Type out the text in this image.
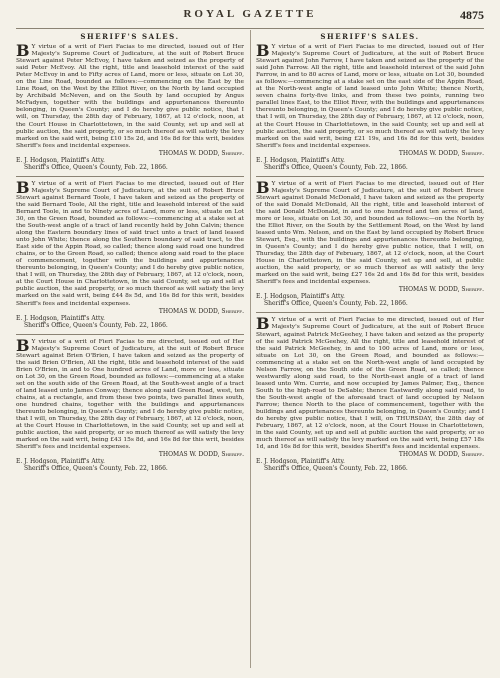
ROYAL GAZETTE	4875
SHERIFF'S SALES.
B Y virtue of a writ of Fieri Facias to me directed, issued out of Her Majesty's Supreme Court of Judicature, at the suit of Robert Bruce Stewart against Peter McEvoy, I have taken and seized as the property of said Peter McEvoy. All the right, title and leasehold interest of the said Peter McEvoy in and to Fifty acres of Land, more or less, situate on Lot 30, on the Line Road, bounded as follows:—commencing on the East by the Line Road, on the West by the Elliot River, on the North by land occupied by Archibald McNeven, and on the South by land occupied by Angus McFadyen, together with the buildings and appurtenances thereunto belonging, in Queen's County; and I do hereby give public notice, that I will, on Thursday, the 28th day of February, 1867, at 12 o'clock, noon, at the Court House in Charlottetown, in the said County, set up and sell at public auction, the said property, or so much thereof as will satisfy the levy marked on the said writ, being £10 15s 2d, and 16s 8d for this writ, besides Sheriff's fees and incidental expenses.
THOMAS W. DODD, Sheriff.
E. J. Hodgson, Plaintiff's Atty.
Sheriff's Office, Queen's County, Feb. 22, 1866.
B Y virtue of a writ of Fieri Facias to me directed, issued out of Her Majesty's Supreme Court of Judicature, at the suit of Robert Bruce Stewart against Bernard Toole, I have taken and seized as the property of the said Bernard Toole, All the right, title and leasehold interest of the said Bernard Toole, in and to Ninety acres of Land, more or less, situate on Lot 30, on the Green Road, bounded as follows:—commencing at a stake set at the South-west angle of a tract of land recently held by John Calvin; thence along the Eastern boundary lines of said tract unto a tract of land leased unto John White; thence along the Southern boundary of said tract, to the East side of the Appin Road, so called; thence along said road one hundred chains, or to the Green Road, so called; thence along said road to the place of commencement, together with the buildings and appurtenances thereunto belonging, in Queen's County; and I do hereby give public notice, that I will, on Thursday, the 28th day of February, 1867, at 12 o'clock, noon, at the Court House in Charlottetown, in the said County, set up and sell at public auction, the said property, or so much thereof as will satisfy the levy marked on the said writ, being £44 8s 5d, and 16s 8d for this writ, besides Sheriff's fees and incidental expenses.
THOMAS W. DODD, Sheriff.
E. J. Hodgson, Plaintiff's Atty.
Sheriff's Office, Queen's County, Feb. 22, 1866.
B Y virtue of a writ of Fieri Facias to me directed, issued out of Her Majesty's Supreme Court of Judicature, at the suit of Robert Bruce Stewart against Brien O'Brien, I have taken and seized as the property of the said Brien O'Brien, All the right, title and leasehold interest of the said Brien O'Brien, in and to One hundred acres of Land, more or less, situate on Lot 30, on the Green Road, bounded as follows:—commencing at a stake set on the south side of the Green Road, at the South-west angle of a tract of land leased unto James Conway; thence along said Green Road, west, ten chains, at a rectangle, and from these two points, two parallel lines south, one hundred chains, together with the buildings and appurtenances thereunto belonging, in Queen's County; and I do hereby give public notice, that I will, on Thursday, the 28th day of February, 1867, at 12 o'clock, noon, at the Court House in Charlottetown, in the said County, set up and sell at public auction, the said property, or so much thereof as will satisfy the levy marked on the said writ, being £43 15s 8d, and 16s 8d for this writ, besides Sheriff's fees and incidental expenses.
THOMAS W. DODD, Sheriff.
E. J. Hodgson, Plaintiff's Atty.
Sheriff's Office, Queen's County, Feb. 22, 1866.
SHERIFF'S SALES.
B Y virtue of a writ of Fieri Facias to me directed, issued out of Her Majesty's Supreme Court of Judicature, at the suit of Robert Bruce Stewart against John Farrow, I have taken and seized as the property of the said John Farrow. All the right, title and leasehold interest of the said John Farrow, in and to 80 acres of Land, more or less, situate on Lot 30, bounded as follows:—commencing at a stake set on the east side of the Appin Road, at the North-west angle of land leased unto John White; thence North, seven chains forty-five links, and from these two points, running two parallel lines East, to the Elliot River, with the buildings and appurtenances thereunto belonging, in Queen's County; and I do hereby give public notice, that I will, on Thursday, the 28th day of February, 1867, at 12 o'clock, noon, at the Court House in Charlottetown, in the said County, set up and sell at public auction, the said property, or so much thereof as will satisfy the levy marked on the said writ, being £21 19s, and 16s 8d for this writ, besides Sheriff's fees and incidental expenses.
THOMAS W. DODD, Sheriff.
E. J. Hodgson, Plaintiff's Atty.
Sheriff's Office, Queen's County, Feb. 22, 1866.
B Y virtue of a writ of Fieri Facias to me directed, issued out of Her Majesty's Supreme Court of Judicature, at the suit of Robert Bruce Stewart against Donald McDonald, I have taken and seized as the property of the said Donald McDonald, All the right, title and leasehold interest of the said Donald McDonald, in and to one hundred and ten acres of land, more or less, situate on Lot 30, and bounded as follows:—on the North by the Elliot River, on the South by the Settlement Road, on the West by land leased unto Wm. Nelson, and on the East by land occupied by Robert Bruce Stewart, Esq., with the buildings and appurtenances thereunto belonging, in Queen's County; and I do hereby give public notice, that I will, on Thursday, the 28th day of February, 1867, at 12 o'clock, noon, at the Court House in Charlottetown, in the said County, set up and sell, at public auction, the said property, or so much thereof as will satisfy the levy marked on the said writ, being £27 16s 2d and 16s 8d for this writ, besides Sheriff's fees and incidental expenses.
THOMAS W. DODD, Sheriff.
E. J. Hodgson, Plaintiff's Atty.
Sheriff's Office, Queen's County, Feb. 22, 1866.
B Y virtue of a writ of Fieri Facias to me directed, issued out of Her Majesty's Supreme Court of Judicature, at the suit of Robert Bruce Stewart, against Patrick McGeehey, I have taken and seized as the property of the said Patrick McGeehey, All the right, title and leasehold interest of the said Patrick McGeehey, in and to 100 acres of Land, more or less, situate on Lot 30, on the Green Road, and bounded as follows:—commencing at a stake set on the North-west angle of land occupied by Nelson Farrow, on the South side of the Green Road, so called; thence westwardly along said road, to the North-east angle of a tract of land leased unto Wm. Currie, and now occupied by James Palmer, Esq., thence South to the high-road to DeSable; thence Eastwardly along said road, to the South-west angle of the aforesaid tract of land occupied by Nelson Farrow; thence North to the place of commencement, together with the buildings and appurtenances thereunto belonging, in Queen's County; and I do hereby give public notice, that I will, on THURSDAY, the 28th day of February, 1867, at 12 o'clock, noon, at the Court House in Charlottetown, in the said County, set up and sell at public auction the said property, or so much thereof as will satisfy the levy marked on the said writ, being £57 18s 1d, and 16s 8d for this writ, besides Sheriff's fees and incidental expenses.
THOMAS W. DODD, Sheriff.
E. J. Hodgson, Plaintiff's Atty.
Sheriff's Office, Queen's County, Feb. 22, 1866.
